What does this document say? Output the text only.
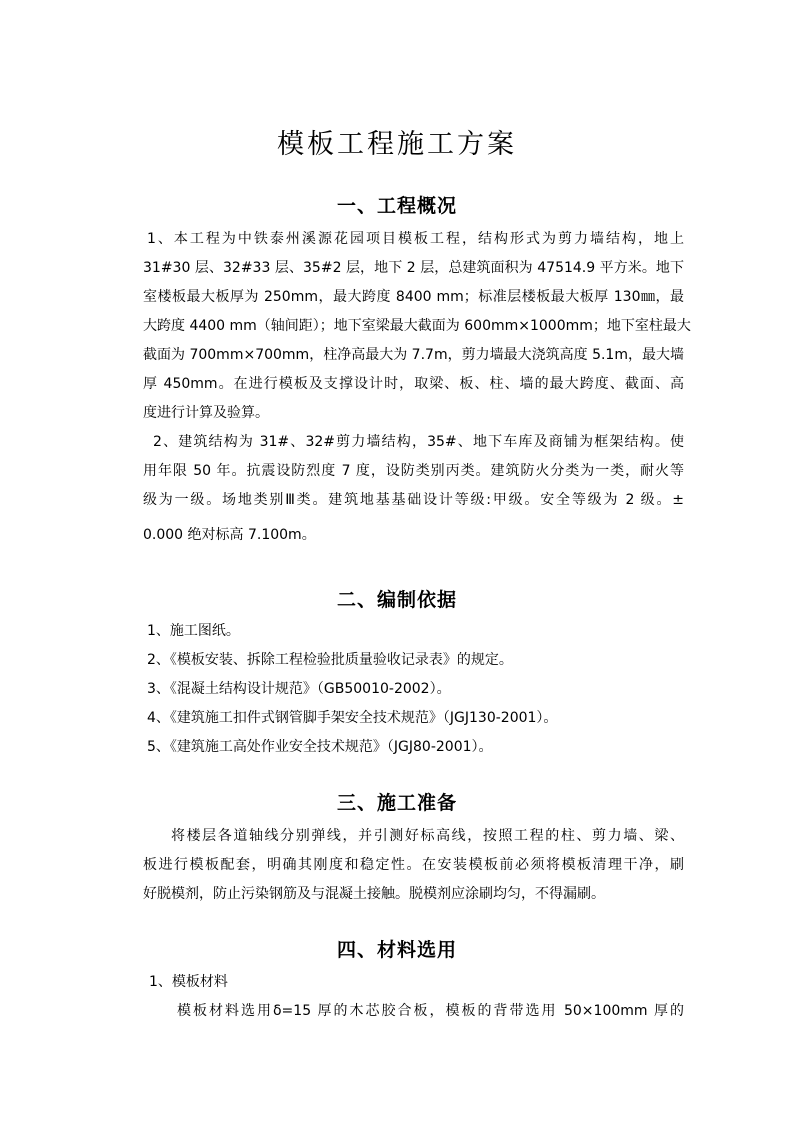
模板工程施工方案
一、工程概况
1、本工程为中铁泰州溪源花园项目模板工程，结构形式为剪力墙结构，地上
31#30 层、32#33 层、35#2 层，地下 2 层，总建筑面积为 47514.9 平方米。地下
室楼板最大板厚为 250mm，最大跨度 8400 mm；标准层楼板最大板厚 130㎜，最
大跨度 4400 mm（轴间距）；地下室梁最大截面为 600mm×1000mm；地下室柱最大
截面为 700mm×700mm，柱净高最大为 7.7m，剪力墙最大浇筑高度 5.1m，最大墙
厚 450mm。在进行模板及支撑设计时，取梁、板、柱、墙的最大跨度、截面、高
度进行计算及验算。
2、建筑结构为 31#、32#剪力墙结构，35#、地下车库及商铺为框架结构。使
用年限 50 年。抗震设防烈度 7 度，设防类别丙类。建筑防火分类为一类，耐火等
级为一级。场地类别Ⅲ类。建筑地基基础设计等级:甲级。安全等级为 2 级。±
0.000 绝对标高 7.100m。
二、编制依据
1、施工图纸。
2、《模板安装、拆除工程检验批质量验收记录表》的规定。
3、《混凝土结构设计规范》（GB50010-2002）。
4、《建筑施工扣件式钢管脚手架安全技术规范》（JGJ130-2001）。
5、《建筑施工高处作业安全技术规范》（JGJ80-2001）。
三、施工准备
将楼层各道轴线分别弹线，并引测好标高线，按照工程的柱、剪力墙、梁、
板进行模板配套，明确其刚度和稳定性。在安装模板前必须将模板清理干净，刷
好脱模剂，防止污染钢筋及与混凝土接触。脱模剂应涂刷均匀，不得漏刷。
四、材料选用
1、模板材料
模板材料选用δ=15 厚的木芯胶合板，模板的背带选用 50×100mm 厚的
